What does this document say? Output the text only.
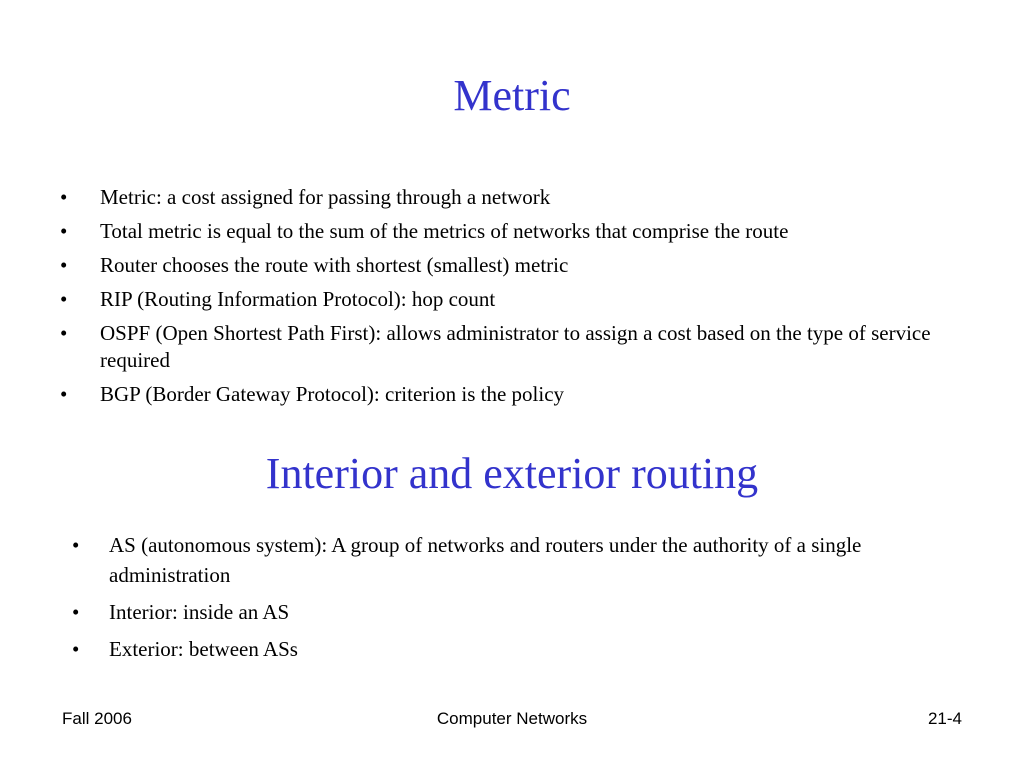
Metric
• Metric: a cost assigned for passing through a network
• Total metric is equal to the sum of the metrics of networks that comprise the route
• Router chooses the route with shortest (smallest) metric
• RIP (Routing Information Protocol): hop count
• OSPF (Open Shortest Path First): allows administrator to assign a cost based on the type of service required
• BGP (Border Gateway Protocol): criterion is the policy
Interior and exterior routing
• AS (autonomous system): A group of networks and routers under the authority of a single administration
• Interior: inside an AS
• Exterior: between ASs
Fall 2006	Computer Networks	21-4
